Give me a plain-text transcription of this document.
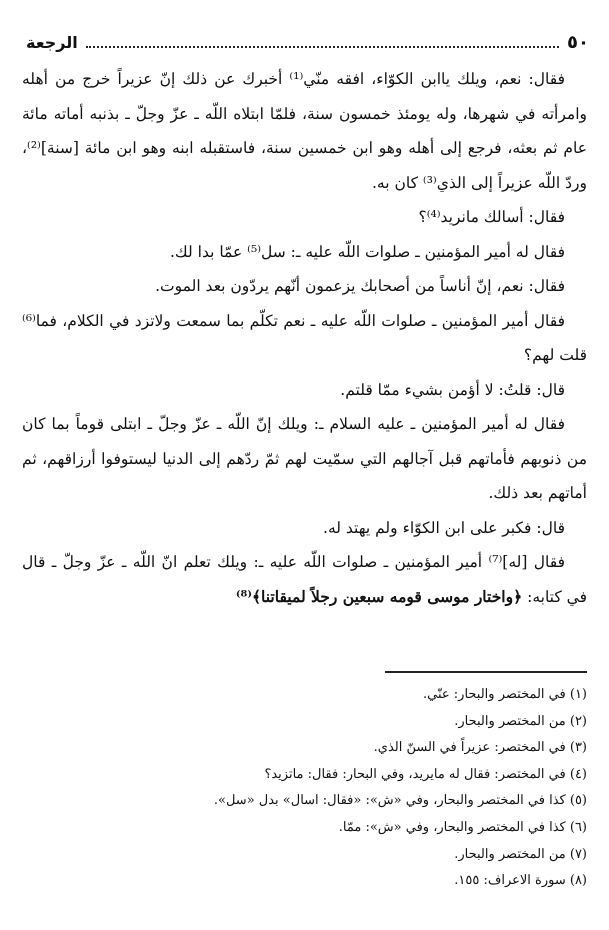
٥٠
الرجعة

فقال: نعم، ويلك ياابن الكوّاء، افقه منّي⁽¹⁾ أخبرك عن ذلك إنّ عزيراً خرج من أهله وامرأته في شهرها، وله يومئذ خمسون سنة، فلمّا ابتلاه اللّه ـ عزّ وجلّ ـ بذنبه أماته مائة عام ثم بعثه، فرجع إلى أهله وهو ابن خمسين سنة، فاستقبله ابنه وهو ابن مائة [سنة]⁽²⁾، وردّ اللّه عزيراً إلى الذي⁽³⁾ كان به.

فقال: أسالك مانريد⁽⁴⁾؟

فقال له أمير المؤمنين ـ صلوات اللّه عليه ـ: سل⁽⁵⁾ عمّا بدا لك.

فقال: نعم، إنّ أناساً من أصحابك يزعمون أنّهم يردّون بعد الموت.

فقال أمير المؤمنين ـ صلوات اللّه عليه ـ نعم تكلّم بما سمعت ولاتزد في الكلام، فما⁽⁶⁾ قلت لهم؟

قال: قلتُ: لا أؤمن بشيء ممّا قلتم.

فقال له أمير المؤمنين ـ عليه السلام ـ: ويلك إنّ اللّه ـ عزّ وجلّ ـ ابتلى قوماً بما كان من ذنوبهم فأماتهم قبل آجالهم التي سمّيت لهم ثمّ ردّهم إلى الدنيا ليستوفوا أرزاقهم، ثم أماتهم بعد ذلك.

قال: فكبر على ابن الكوّاء ولم يهتد له.

فقال [له]⁽⁷⁾ أمير المؤمنين ـ صلوات اللّه عليه ـ: ويلك تعلم انّ اللّه ـ عزّ وجلّ ـ قال في كتابه: ﴿واختار موسى قومه سبعين رجلاً لميقاتنا﴾⁽⁸⁾

(١) في المختصر والبحار: عنّي.

(٢) من المختصر والبحار.

(٣) في المختصر: عزيراً في السنّ الذي.

(٤) في المختصر: فقال له مايريد، وفي البحار: فقال: ماتزيد؟

(٥) كذا في المختصر والبحار، وفي «ش»: «فقال: اسال» بدل «سل».

(٦) كذا في المختصر والبحار، وفي «ش»: ممّا.

(٧) من المختصر والبحار.

(٨) سورة الاعراف: ١٥٥.
